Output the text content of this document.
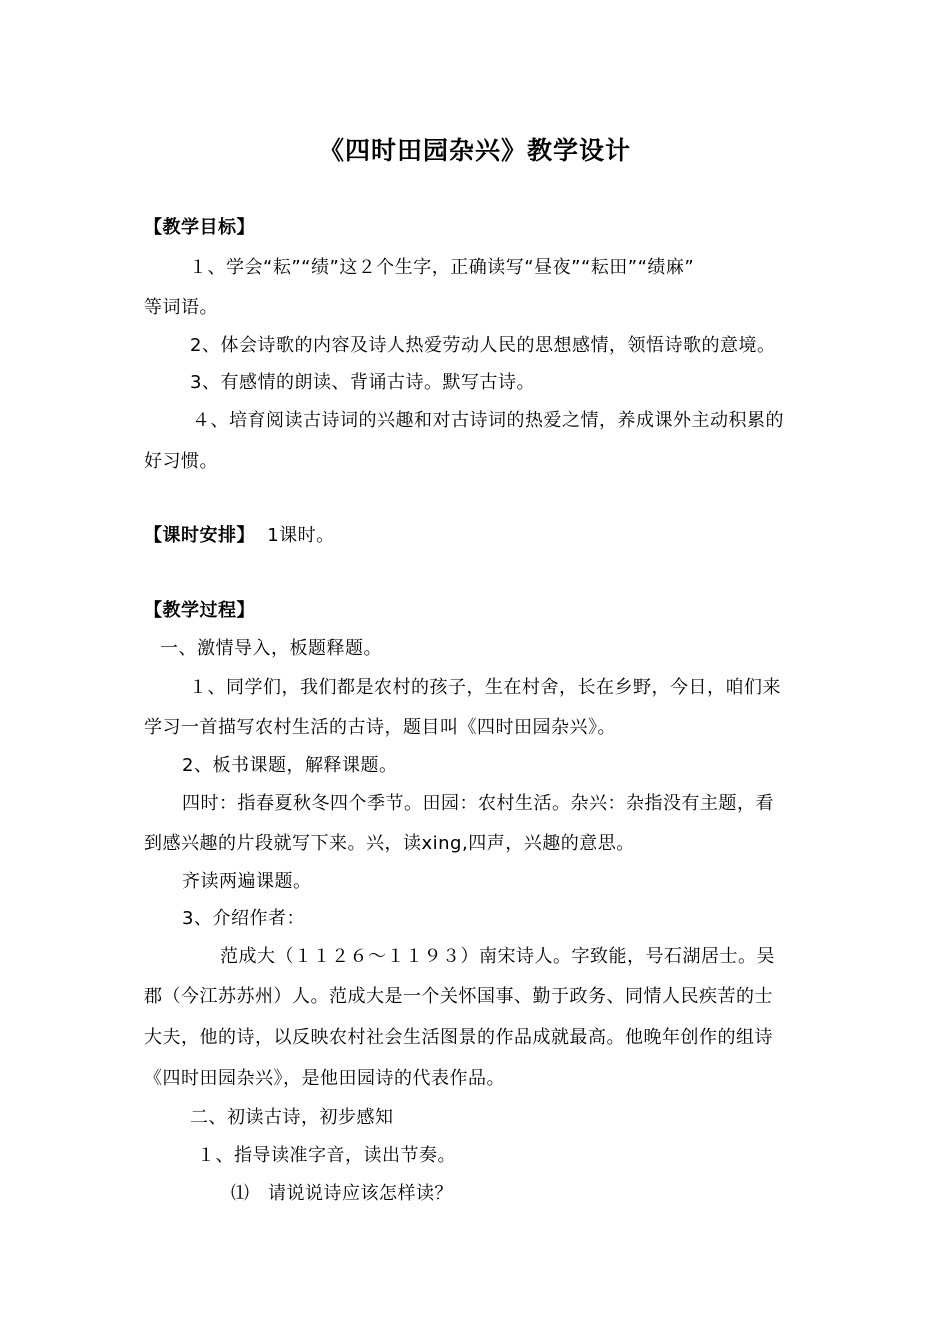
《四时田园杂兴》教学设计
【教学目标】
１、学会“耘”“绩”这２个生字，正确读写“昼夜”“耘田”“绩麻”
等词语。
2、体会诗歌的内容及诗人热爱劳动人民的思想感情，领悟诗歌的意境。
3、有感情的朗读、背诵古诗。默写古诗。
４、培育阅读古诗词的兴趣和对古诗词的热爱之情，养成课外主动积累的
好习惯。
【课时安排】 1课时。
【教学过程】
一、激情导入，板题释题。
１、同学们，我们都是农村的孩子，生在村舍，长在乡野，今日，咱们来
学习一首描写农村生活的古诗，题目叫《四时田园杂兴》。
2、板书课题，解释课题。
四时：指春夏秋冬四个季节。田园：农村生活。杂兴：杂指没有主题，看
到感兴趣的片段就写下来。兴，读xing,四声，兴趣的意思。
齐读两遍课题。
3、介绍作者：
范成大（１１２６～１１９３）南宋诗人。字致能，号石湖居士。吴
郡（今江苏苏州）人。范成大是一个关怀国事、勤于政务、同情人民疾苦的士
大夫，他的诗，以反映农村社会生活图景的作品成就最高。他晚年创作的组诗
《四时田园杂兴》，是他田园诗的代表作品。
二、初读古诗，初步感知
１、指导读准字音，读出节奏。
⑴　请说说诗应该怎样读？
